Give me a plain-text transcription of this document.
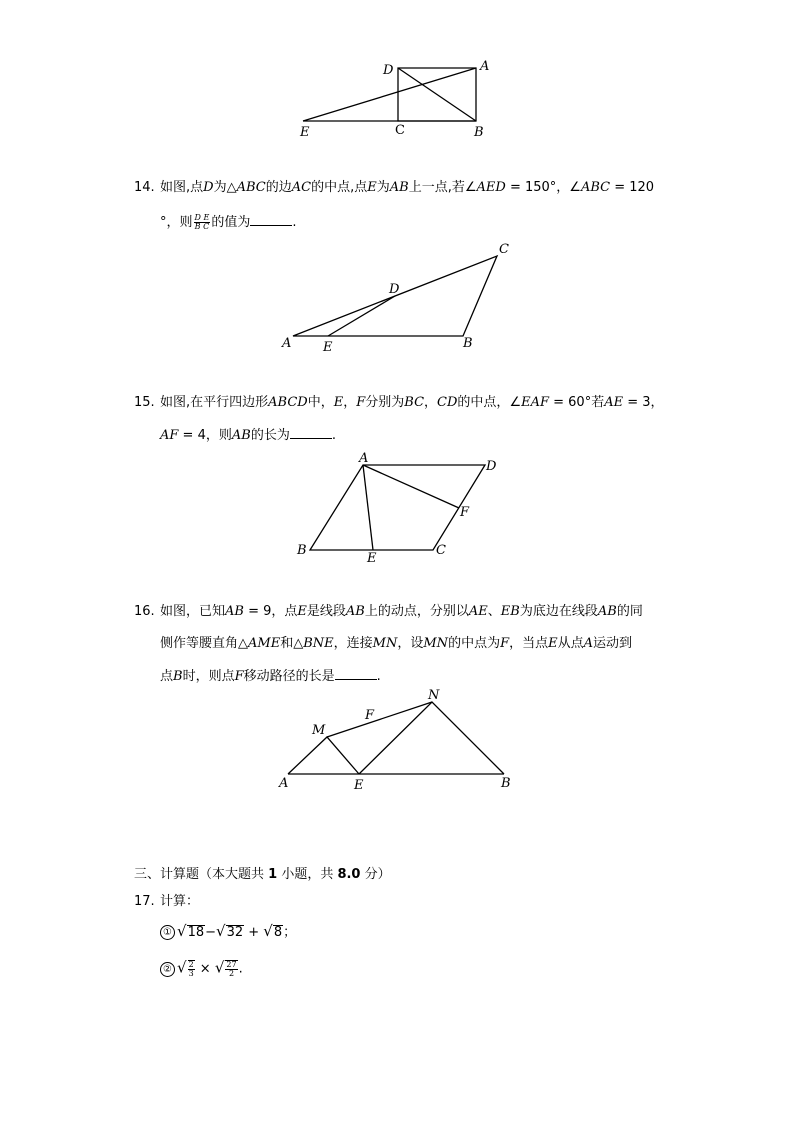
D	A
E	C	B
14. 如图,点D为△ABC的边AC的中点,点E为AB上一点,若∠AED = 150°，∠ABC = 120
°，则 $\frac{\text{D E}}{\text{B C}}$ 的值为	.
C
D
A E	B
15. 如图,在平行四边形ABCD中，E，F分别为BC，CD的中点，∠EAF = 60°若AE = 3，
AF = 4，则AB的长为	.
A
D
F
B
E
C
16. 如图，已知AB = 9，点E是线段AB上的动点，分别以AE、EB为底边在线段AB的同
侧作等腰直角△AME和△BNE，连接MN，设MN的中点为F，当点E从点A运动到
点B时，则点F移动路径的长是	.
N
F
M
A	E	B
三、计算题（本大题共 1 小题，共 8.0 分）
17. 计算：
① √18−√32 + √8；
② √ $\frac{2}{3}$ × √ $\frac{27}{2}$ .
